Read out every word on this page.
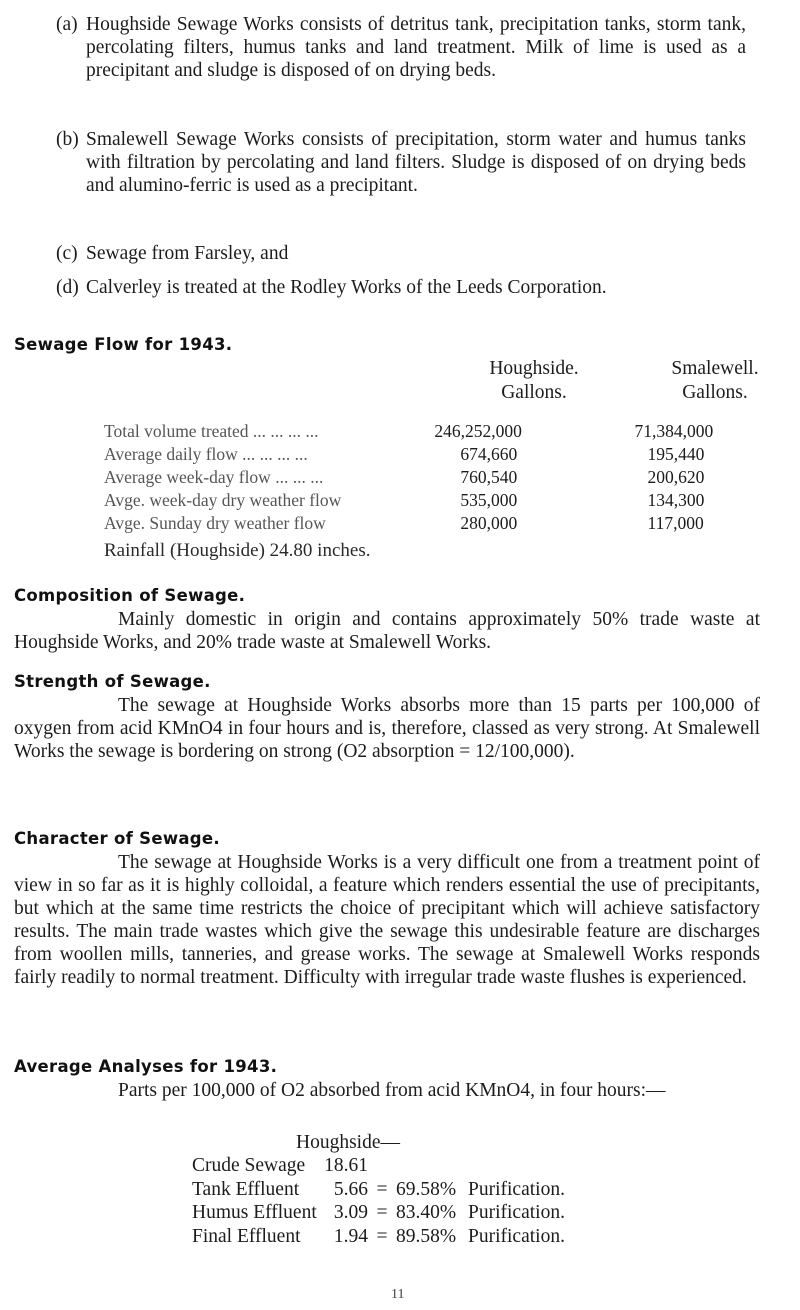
(a) Houghside Sewage Works consists of detritus tank, precipitation tanks, storm tank, percolating filters, humus tanks and land treatment. Milk of lime is used as a precipitant and sludge is disposed of on drying beds.
(b) Smalewell Sewage Works consists of precipitation, storm water and humus tanks with filtration by percolating and land filters. Sludge is disposed of on drying beds and alumino-ferric is used as a precipitant.
(c) Sewage from Farsley, and
(d) Calverley is treated at the Rodley Works of the Leeds Corporation.
Sewage Flow for 1943.
Houghside.
Gallons.
Smalewell.
Gallons.
Total volume treated ... ... ... ...	246,252,000	71,384,000
Average daily flow ... ... ... ...	674,660	195,440
Average week-day flow ... ... ...	760,540	200,620
Avge. week-day dry weather flow	535,000	134,300
Avge. Sunday dry weather flow	280,000	117,000
Rainfall (Houghside) 24.80 inches.
Composition of Sewage.
Mainly domestic in origin and contains approximately 50% trade waste at Houghside Works, and 20% trade waste at Smalewell Works.
Strength of Sewage.
The sewage at Houghside Works absorbs more than 15 parts per 100,000 of oxygen from acid KMnO4 in four hours and is, therefore, classed as very strong. At Smalewell Works the sewage is bordering on strong (O2 absorption = 12/100,000).
Character of Sewage.
The sewage at Houghside Works is a very difficult one from a treatment point of view in so far as it is highly colloidal, a feature which renders essential the use of precipitants, but which at the same time restricts the choice of precipitant which will achieve satisfactory results. The main trade wastes which give the sewage this undesirable feature are discharges from woollen mills, tanneries, and grease works. The sewage at Smalewell Works responds fairly readily to normal treatment. Difficulty with irregular trade waste flushes is experienced.
Average Analyses for 1943.
Parts per 100,000 of O2 absorbed from acid KMnO4, in four hours:—
Houghside—
Crude Sewage	18.61			
Tank Effluent	5.66	=	69.58%	Purification.
Humus Effluent	3.09	=	83.40%	Purification.
Final Effluent	1.94	=	89.58%	Purification.
11
